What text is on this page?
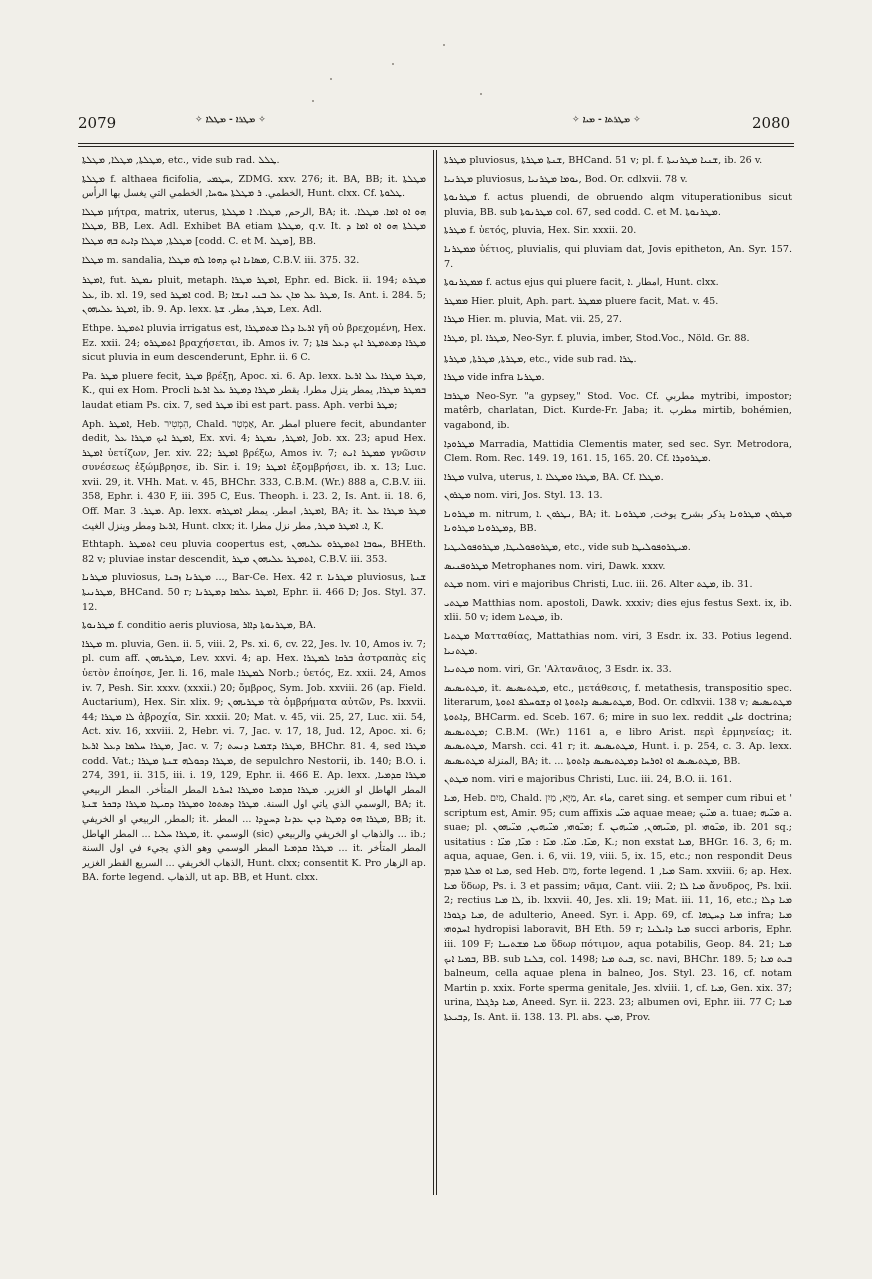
2079	✧ ܡܛܪܐ - ܡܛܠܐ ✧	✧ ܡܛܪܬܐ - ܡܝܐ ✧	2080

ܡܛܠܬܐ, ܡܛܠܐ, ܡܛܠܬܐ, etc., vide sub rad. ܛܠܠ.

ܡܛܠܬܐ f. althaea ficifolia, ܚܛܡܝ, ZDMG. xxv. 276; it. BA, BB; it. ܡܛܠܬܐ الخطمي. ܪ ܡܛܠܬܐ ܚܘܚܐ, الخطمي التي يغسل بها الرأس, Hunt. clxx. Cf. ܛܠܘܬܐ.

ܡܛܠܐ μήτρα, matrix, uterus, الرحم, ܡܛܠܐ. ܐ ܡܛܠܬܐ, BA; it. ܗܘ ܐܘ ܐܡܐ. ܡܛܠܐ. ܡܛܠܐ, BB, Lex. Adl. Exhibet BA etiam ܡܛܠܬܐ, q.v. It. ܡܛܠܬܐ ܗܘ ܐܘ ܐܡܐ ܕ ܡܛܠܬܐ, ܡܛܠܐ ܕܐܝܬ ܒܗ ܡܛܠܐ [codd. C. et M. ܡܛܠ], BB.

ܡܛܠܐ m. sandalia, ܡܣܐܢܐ ܐܝܟ ܕܗܘܐ ܠܗ ܡܛܠܐ, C.B.V. iii. 375. 32.

ܐܡܛܪ, fut. ܢܡܛܪ pluit, metaph. ܐܡܛܪ ܡܛܪܐ, Ephr. ed. Bick. ii. 194; ܡܛܪܬ ܥܠ, ib. xl. 19, sed ܐܡܛܪ cod. B; ܡܛܪ ܥܠ ܡܐܢ ܥܠ ܒܢܝ ܐܢܫܐ, Is. Ant. i. 284. 5; ܐܡܛܪ ܥܠܝܗܘܢ, ib. 9. Ap. lexx. ܡܛܪ, مطر. ܫܬܐ, Lex. Adl.

Ethpe. ܐܬܡܛܪ pluvia irrigatus est, ܐܪܥܐ ܕܠܐ ܡܬܡܛܪܐ γῆ οὐ βρεχομένη, Hex. Ez. xxii. 24; ܐܬܡܛܪܘ βραχήσεται, ib. Amos iv. 7; ܡܛܪܐ ܕܡܬܡܛܪ ܐܝܟ ܕܥܠ ܦܐܬܐ sicut pluvia in eum descenderunt, Ephr. ii. 6 C.

Pa. ܡܛܪ pluere fecit, ܡܛܪ βρέξῃ, Apoc. xi. 6. Ap. lexx. ܡܛܪ ܡܛܪܐ ܥܠ ܐܪܥܐ, K., qui ex Hom. Procli ܒܡܛܪ ܡܛܪܐ, يمطر ينزل مطرا. يقطر ܡܛܪܐ ܕܡܛܪ ܥܠ ܐܪܥܐ laudat etiam Ps. cix. 7, sed ܡܛܪ ibi est part. pass. Aph. verbi ܡܛܪ;

Aph. ܐܡܛܪ, Heb. הִמְטִיר, Chald. אַמְטַר, Ar. امطر pluere fecit, abundanter dedit, ܐܡܛܪ ܐܝܟ ܡܛܪܐ ܥܠ, Ex. xvi. 4; ܐܡܛܪ, ܢܡܛܪ, Job. xx. 23; apud Hex. ܐܡܛܪ ὑετίζων, Jer. xiv. 22; ܐܡܛܪ βρέξω, Amos iv. 7; ܡܡܛܪ ܐܢܬ γνῶσιν συνέσεως ἐξώμβρησε, ib. Sir. i. 19; ܐܡܛܪ ἐξομβρήσει, ib. x. 13; Luc. xvii. 29, it. VHh. Mat. v. 45, BHChr. 333, C.B.M. (Wr.) 888 a, C.B.V. iii. 358, Ephr. i. 430 F, iii. 395 C, Eus. Theoph. i. 23. 2, Is. Ant. ii. 18. 6, Off. Mar. ܡܛܪ. 3. Ap. lexx. ܐܡܛܪ, امطر. يمطر ܐܡܛܪܗ, BA; it. ܡܛܪ ܡܛܪܐ ܥܠ ܐܪܥܐ ومطر وينزل الغيث, Hunt. clxx; it. ܐ. ܐܡܛܪ ܡܛܪ, مطر نزل مطرا, K.

Ethtaph. ܐܬܡܛܪ ceu pluvia coopertus est, ܚܘܒܐ ܐܬܡܛܪܘ ܥܠܝܗܘܢ, BHEth. 82 v; pluviae instar descendit, ܐܬܡܛܪ ܥܠܝܗܘܢ ܡܛܪ, C.B.V. iii. 353.

ܡܛܪܢܐ pluviosus, ܡܛܪܢܐ ܙܒܢܐ ..., Bar-Ce. Hex. 42 r. ܡܛܪܢܐ pluviosus, ܫܢܬܐ ܡܛܪܢܝܬܐ, BHCand. 50 r; ܐܡܛܪ ܥܠܡܐ ܕܡܛܪܢܐ, Ephr. ii. 466 D; Jos. Styl. 37. 12.

ܡܛܪܢܘܬܐ f. conditio aeris pluviosa, ܡܛܪܢܘܬܐ ܕܐܐܪ, BA.

ܡܛܪܐ m. pluvia, Gen. ii. 5, viii. 2, Ps. xi. 6, cv. 22, Jes. lv. 10, Amos iv. 7; pl. cum aff. ܡܛܪܝܗܘܢ, Lev. xxvi. 4; ap. Hex. ܒܪܩܐ ܠܡܛܪܐ ἀστραπὰς εἰς ὑετὸν ἐποίησε, Jer. li. 16, male ܠܡܛܪܐ Norb.; ὑετός, Ez. xxii. 24, Amos iv. 7, Pesh. Sir. xxxv. (xxxii.) 20; ὄμβρος, Sym. Job. xxviii. 26 (ap. Field. Auctarium), Hex. Sir. xlix. 9; ܡܛܪܝܗܘܢ τὰ ὀμβρήματα αὐτῶν, Ps. lxxvii. 44; ܠܐ ܡܛܪܐ ἀβροχία, Sir. xxxii. 20; Mat. v. 45, vii. 25, 27, Luc. xii. 54, Act. xiv. 16, xxviii. 2, Hebr. vi. 7, Jac. v. 17, 18, Jud. 12, Apoc. xi. 6; ܡܛܪܐ ܚܠܡܐ ܕܥܠ ܐܪܥܐ, Jac. v. 7; ܡܛܪܐ ܕܫܡܝܐ ܕܢܚܬ, BHChr. 81. 4, sed ܡܛܪܐ codd. Vat.; ܡܛܪܐ ܕܟܘܠܗ ܫܢܬܐ ܡܛܪܐ, de sepulchro Nestorii, ib. 140; B.O. i. 274, 391, ii. 315, iii. i. 19, 129, Ephr. ii. 466 E. Ap. lexx. ܡܛܪܐ ܩܕܡܝܐ, المطر الهاطل او الغزير. ܡܛܪܐ ܩܕܡܝܐ ܘܡܛܪܐ ܐܚܪܝܐ المطر المتأخر. المطر الربيعي الوسمي الذي ياتي اول السنة. ܡܛܪܐ ܕܣܬܘܐ ܘܡܛܪܐ ܕܩܝܛܐ ܡܛܪܐ ܕܒܟܪ ܫܢܬܐ, BA; it. المطر, الربيعي او الخريفي; it. ܡܛܪܐ ܗܘ ܕܡܛܐ ܕܝܢ ܥܕܢܐ ܕܚܨܕܐ ... المطر, BB; it. ܡܛܪܐ ܚܠܝܐ ... المطر الهاطل, it. الوسمي (sic) والذهاب او الخريفي والربيعي ... ib.; ܡܛܪܐ ܩܕܡܝܐ المطر الوسمي وهو الذي يجيء في اول السنة ... it. المطر المتأخر الذهاب الخريفي ... السريع القطر الغزير, Hunt. clxx; consentit K. Pro الزهار ap. BA. forte legend. الذهاب, ut ap. BB, et Hunt. clxx.

ܡܛܪܬܐ pluviosus, ܫܢܬܐ ܡܛܪܬܐ, BHCand. 51 v; pl. f. ܫܢܝܐ ܡܛܪܢܝܬܐ, ib. 26 v.

ܡܛܪܢܝܐ pluviosus, ܝܘܡܐ ܡܛܪܢܝܐ, Bod. Or. cdlxvii. 78 v.

ܡܛܪܢܘܬܐ f. actus pluendi, de obruendo alqm vituperationibus sicut pluvia, BB. sub ܡܛܪܢܘܬܐ col. 67, sed codd. C. et M. ܡܛܪܢܘܬܐ.

ܡܛܪܬܐ f. ὑετός, pluvia, Hex. Sir. xxxii. 20.

ܡܡܛܪܢܐ ὑέτιος, pluvialis, qui pluviam dat, Jovis epitheton, An. Syr. 157. 7.

ܡܡܛܪܢܘܬܐ f. actus ejus qui pluere facit, امطار .ܐ, Hunt. clxx.

ܡܡܛܪ Hier. pluit, Aph. part. ܡܡܛܪ pluere facit, Mat. v. 45.

ܡܛܪܐ Hier. m. pluvia, Mat. vii. 25, 27.

ܡܛܪܐ, pl. ܡܛܪܐ, Neo-Syr. f. pluvia, imber, Stod.Voc., Nöld. Gr. 88.

ܡܛܪܬܐ, ܡܛܪܬܐ, ܡܛܪܬܐ, etc., vide sub rad. ܛܪܐ.

ܡܛܪܐ vide infra ܡܛܪܝܐ.

ܡܛܪܒܐ Neo-Syr. "a gypsey," Stod. Voc. Cf. مطربي mytribi, impostor; matêrb, charlatan, Dict. Kurde-Fr. Jaba; it. مطرب mirtib, bohémien, vagabond, ib.

ܡܛܪܘܕܐ Marradia, Mattidia Clementis mater, sed sec. Syr. Metrodora, Clem. Rom. Rec. 149. 19, 161. 15, 165. 20. Cf. ܡܛܪܘܕܪܐ.

ܡܛܪܐ vulva, uterus, ܡܛܪܐ ܘܡܛܠܐ .ܐ, BA. Cf. ܡܛܠܐ.

ܡܛܪܘܢ nom. viri, Jos. Styl. 13. 13.

ܡܛܪܘܢܐ m. nitrum, ܢܛܪܘܢ .ܐ, BA; it. ܡܛܪܘܢ ܡܛܪܘܢܐ يذكر بشرح يوخت, ܡܛܪܘܢܐ ܕܡܛܪܘܢܐ ܡܛܪܘܢܐ, BB.

ܡܛܪܘܦܘܠܝܛܐ, ܡܛܪܘܦܘܠܝܛܝܐ, etc., vide sub ܡܝܛܪܘܦܘܠܝܛܐ.

ܡܛܪܘܦܢܝܣ Metrophanes nom. viri, Dawk. xxxv.

ܡܛܬ nom. viri e majoribus Christi, Luc. iii. 26. Alter ܡܛܬ, ib. 31.

ܡܛܬܝ Matthias nom. apostoli, Dawk. xxxiv; dies ejus festus Sext. ix, ib. xlii. 50 v; idem ܡܛܬܝܐ, ib.

ܡܛܬܝܐ Ματταθίας, Mattathias nom. viri, 3 Esdr. ix. 33. Potius legend. ܡܛܬܢܝܐ.

ܡܛܬܢܝܐ nom. viri, Gr. 'Αλτανᾶιος, 3 Esdr. ix. 33.

ܡܛܬܝܣܝܣ, it. ܡܛܬܝܣܝܣ, etc., μετάθεσις, f. metathesis, transpositio spec. literarum, ܡܛܬܝܣܝܣ ܕܐܬܘܬܐ ܐܘ ܕܫܘܚܠܦ ܐܬܘܬܐ, Bod. Or. cdlxvii. 138 v; ܡܛܬܝܣܝܣ ܕܐܬܘܬܐ, BHCarm. ed. Sceb. 167. 6; mire in suo lex. reddit على doctrina; ܡܛܬܝܣܝܣ; C.B.M. (Wr.) 1161 a, e libro Arist. περὶ ἑρμηνείας; it. ܡܛܬܝܣܝܣ, Marsh. cci. 41 r; it. ܡܛܬܝܣܝܣ, Hunt. i. p. 254, c. 3. Ap. lexx. المنزلة ܡܛܬܝܣܝܣ, BA; it. ... ܡܛܬܝܣܝܣ ܐܘ ܐܘܪܚܐ ܕܡܛܬܝܣܝܣ ܕܐܬܘܬܐ, BB.

ܡܛܬܢ nom. viri e majoribus Christi, Luc. iii. 24, B.O. ii. 161.

ܡܝܐ, Heb. מַיִם, Chald. מַיָּא, מַיִן, Ar. ماء, caret sing. et semper cum ribui et ' scriptum est, Amir. 95; cum affixis ܡܝ̈ܝ aquae meae; ܡܝ̈ܝܟ a. tuae; ܡܝ̈ܝܗ a. suae; pl. ܡܝ̈ܘܗܝ, ܡܝ̈ܝܗܝܢ, ܡܝ̈ܝܗܘܢ; f. ܡܝ̈ܝܗܘܢ, ܡܝ̈ܝܗܝܢ, pl. ܡܝ̈ܘܗܝ, ib. 201 sq.; usitatius : ܡܝ̈ܐ. ܡܝ̈ܐ. ܡܝ̈ܐ : ܡܝ̈ܐ, ܡܝ̈ܐ, K.; non exstat ܡܝܐ, BHGr. 16. 3, 6; m. aqua, aquae, Gen. i. 6, vii. 19, viii. 5, ix. 15, etc.; non respondit Deus ܡܝܐ ܐܘ ܡܠܬܐ ܡܕܡ, sed Heb. מַיִם, forte legend. ܡܝܐ, 1 Sam. xxviii. 6; ap. Hex. ܡܝܐ ὕδωρ, Ps. i. 3 et passim; νᾶμα, Cant. viii. 2; ܡܝܐ ܠܐ ἄνυδρος, Ps. lxii. 2; rectius ܠܐ ܡܝܐ, ib. lxxvii. 40, Jes. xli. 19; Mat. iii. 11, 16, etc.; ܡܝܐ ܕܠܐ ܡܝܐ ܕܓܘܪܐ, de adulterio, Aneed. Syr. i. App. 69, cf. ܡܝܐ ܕܚܛܗܐ infra; ܡܝܐ ܐܚܕܘܗܝ hydropisi laboravit, BH Eth. 59 r; ܡܝܐ ܕܐܝܠܢܐ succi arboris, Ephr. iii. 109 F; ܡܝܐ ܡܫܬܝܢܐ ὕδωρ πότιμον, aqua potabilis, Geop. 84. 21; ܡܝܐ ܒܡܝܐ ܐܝܟ, BB. sub ܒܠܢܐ, col. 1498; ܒܝܬ ܡܝܐ, sc. navi, BHChr. 189. 5; ܒܝܬ ܡܝܐ balneum, cella aquae plena in balneo, Jos. Styl. 23. 16, cf. notam Martin p. xxix. Forte sperma genitale, Jes. xlviii. 1, cf. ܡܝܐ, Gen. xix. 37; urina, ܡܝܐ ܕܪܓܠܐ, Aneed. Syr. ii. 223. 23; albumen ovi, Ephr. iii. 77 C; ܡܝܐ ܕܒܝܥܬܐ, Is. Ant. ii. 138. 13. Pl. abs. ܡܝܢ, Prov.
